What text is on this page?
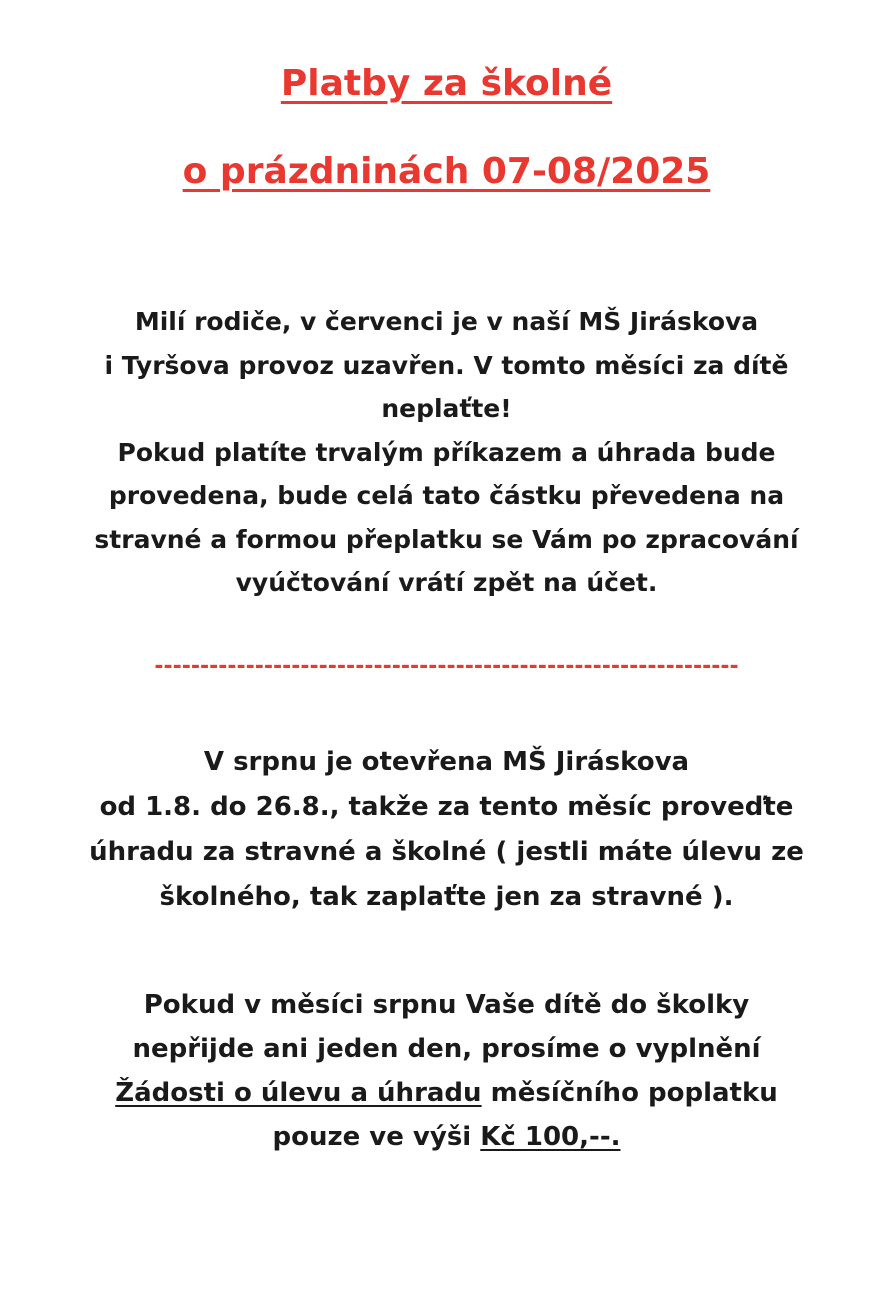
Platby za školné
o prázdninách 07-08/2025
Milí rodiče, v červenci je v naší MŠ Jiráskova
i Tyršova provoz uzavřen. V tomto měsíci za dítě
neplaťte!
Pokud platíte trvalým příkazem a úhrada bude
provedena, bude celá tato částku převedena na
stravné a formou přeplatku se Vám po zpracování
vyúčtování vrátí zpět na účet.
----------------------------------------------------------------
V srpnu je otevřena MŠ Jiráskova
od 1.8. do 26.8., takže za tento měsíc proveďte
úhradu za stravné a školné ( jestli máte úlevu ze
školného, tak zaplaťte jen za stravné ).
Pokud v měsíci srpnu Vaše dítě do školky
nepřijde ani jeden den, prosíme o vyplnění
Žádosti o úlevu a úhradu měsíčního poplatku
pouze ve výši Kč 100,--.
